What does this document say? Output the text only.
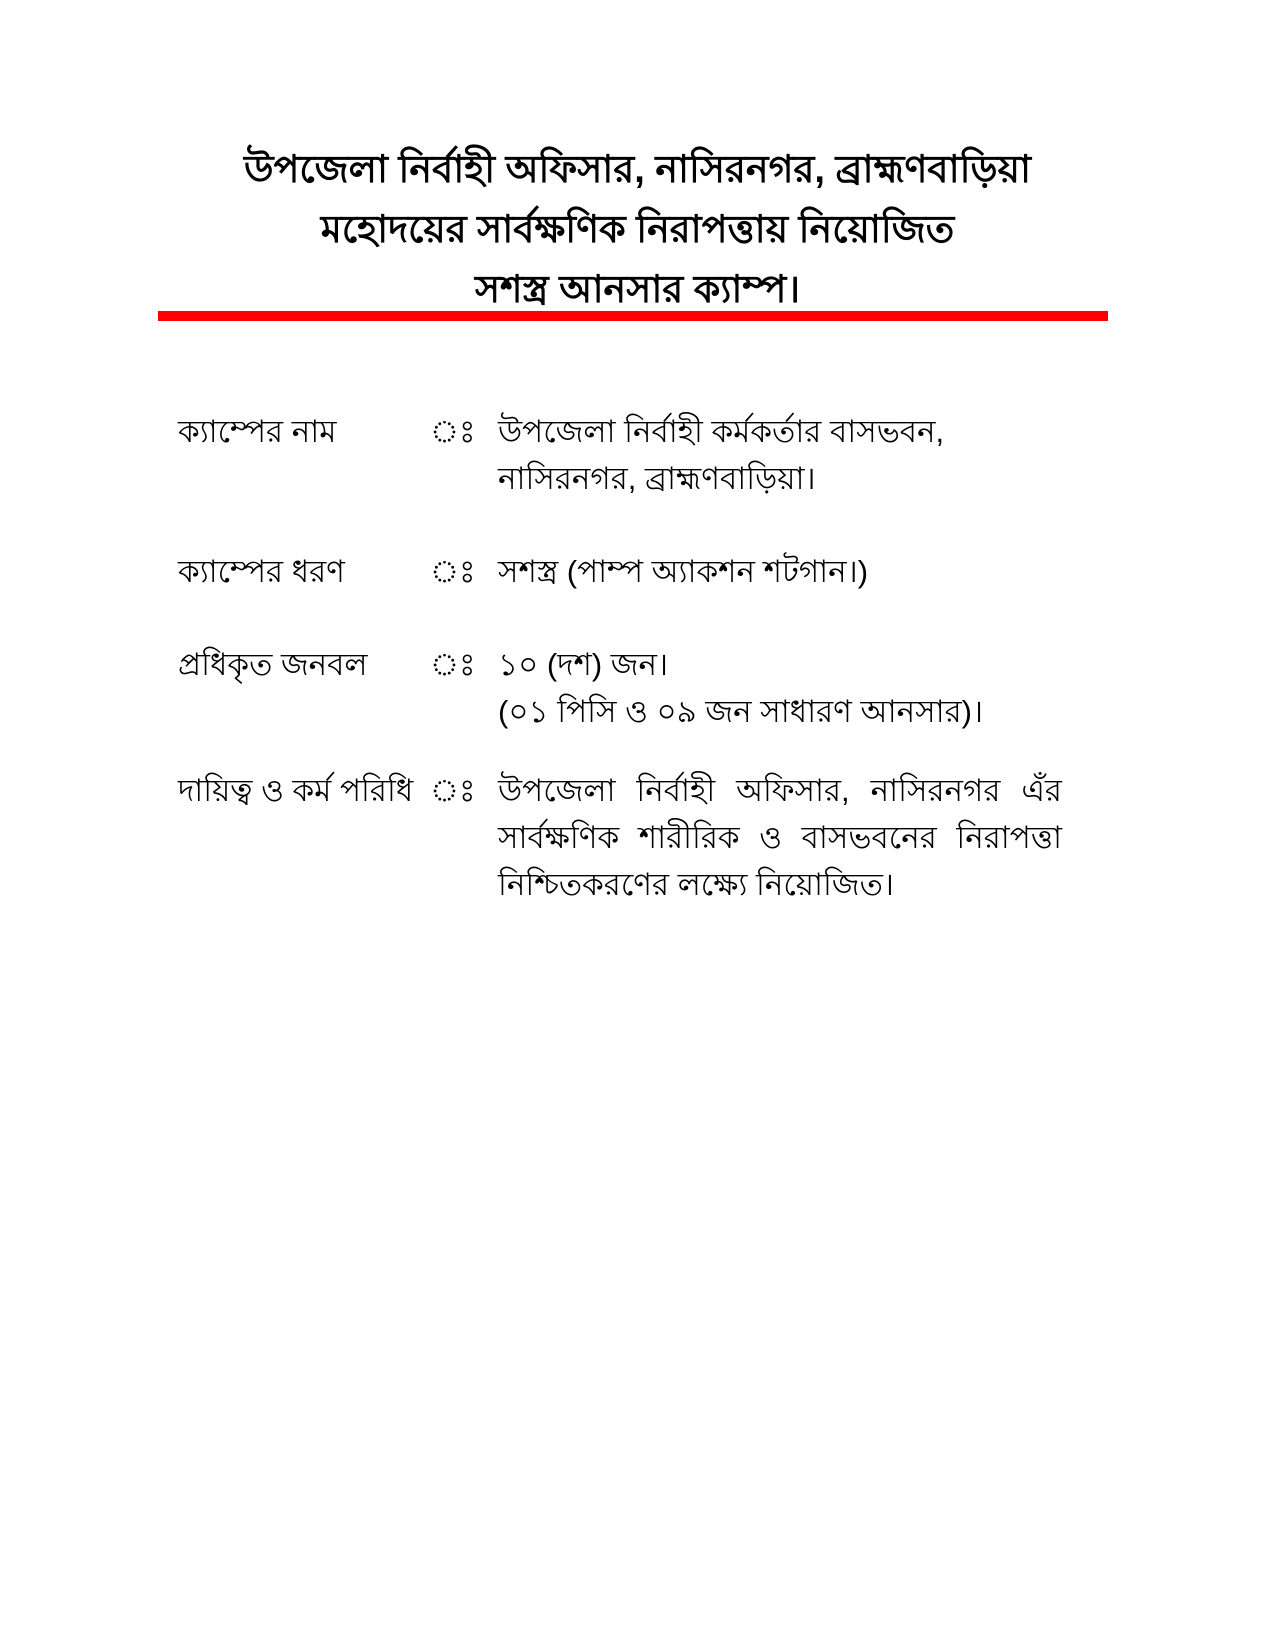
উপজেলা নির্বাহী অফিসার, নাসিরনগর, ব্রাহ্মণবাড়িয়া
মহোদয়ের সার্বক্ষণিক নিরাপত্তায় নিয়োজিত
সশস্ত্র আনসার ক্যাম্প।
ক্যাম্পের নাম	ঃ উপজেলা নির্বাহী কর্মকর্তার বাসভবন,
নাসিরনগর, ব্রাহ্মণবাড়িয়া।
ক্যাম্পের ধরণ	ঃ সশস্ত্র (পাম্প অ্যাকশন শটগান।)
প্রধিকৃত জনবল ঃ ১০ (দশ) জন।
(০১ পিসি ও ০৯ জন সাধারণ আনসার)।
দায়িত্ব ও কর্ম পরিধি ঃ উপজেলা নির্বাহী অফিসার, নাসিরনগর এঁর
সার্বক্ষণিক শারীরিক ও বাসভবনের নিরাপত্তা
নিশ্চিতকরণের লক্ষ্যে নিয়োজিত।
